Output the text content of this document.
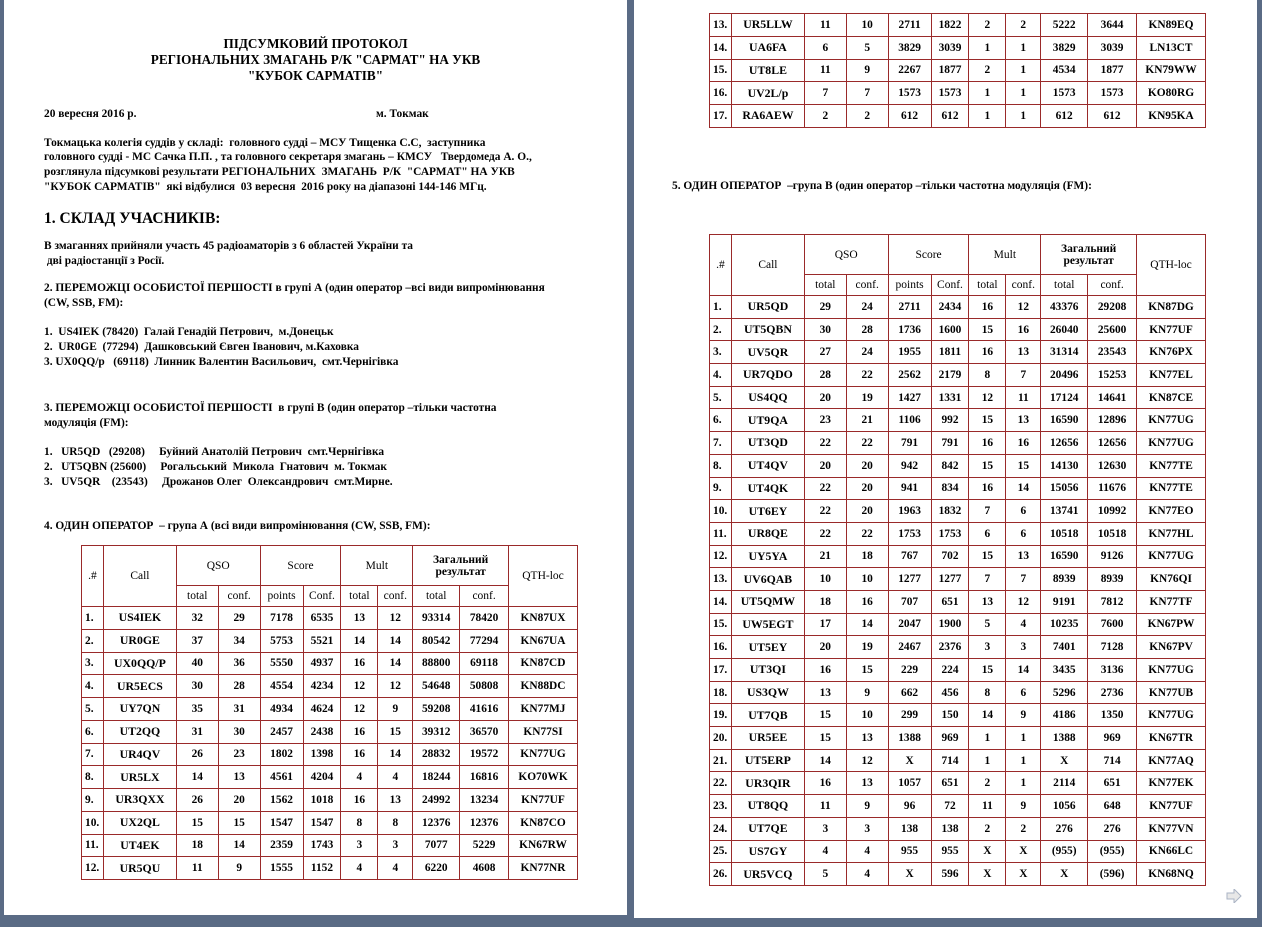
ПІДСУМКОВИЙ ПРОТОКОЛ
РЕГІОНАЛЬНИХ ЗМАГАНЬ Р/К "САРМАТ" НА УКВ
"КУБОК САРМАТІВ"
20 вересня 2016 р.	м. Токмак
Токмацька колегія суддів у складі:  головного судді – МСУ Тищенка С.С,  заступника
головного судді - МС Сачка П.П. , та головного секретаря змагань – КМСУ   Твердомеда А. О.,
розглянула підсумкові результати РЕГІОНАЛЬНИХ  ЗМАГАНЬ  Р/К  "САРМАТ" НА УКВ
"КУБОК САРМАТІВ"  які відбулися  03 вересня  2016 року на діапазоні 144-146 МГц.
1. СКЛАД УЧАСНИКІВ:
В змаганнях прийняли участь 45 радіоаматорів з 6 областей України та
дві радіостанції з Росії.
2. ПЕРЕМОЖЦІ ОСОБИСТОЇ ПЕРШОСТІ в групі А (один оператор –всі види випромінювання
(CW, SSB, FM):
1.  US4IEK (78420)  Галай Генадій Петрович,  м.Донецьк
2.  UR0GE  (77294)  Дашковський Євген Іванович, м.Каховка
3. UX0QQ/p   (69118)  Линник Валентин Васильович,  смт.Чернігівка
3. ПЕРЕМОЖЦІ ОСОБИСТОЇ ПЕРШОСТІ  в групі В (один оператор –тільки частотна
модуляція (FM):
1.   UR5QD   (29208)     Буйний Анатолій Петрович  смт.Чернігівка
2.   UT5QBN (25600)     Рогальський  Микола  Гнатович  м. Токмак
3.   UV5QR    (23543)     Дрожанов Олег  Олександрович  смт.Мирне.
4. ОДИН ОПЕРАТОР  – група А (всі види випромінювання (CW, SSB, FM):
.#	Call	QSO		Score		Mult		Загальний
результат		QTH-loc
		total	conf.	points	Conf.	total	conf.	total	conf.	
1.	US4IEK	32	29	7178	6535	13	12	93314	78420	KN87UX
2.	UR0GE	37	34	5753	5521	14	14	80542	77294	KN67UA
3.	UX0QQ/P	40	36	5550	4937	16	14	88800	69118	KN87CD
4.	UR5ECS	30	28	4554	4234	12	12	54648	50808	KN88DC
5.	UY7QN	35	31	4934	4624	12	9	59208	41616	KN77MJ
6.	UT2QQ	31	30	2457	2438	16	15	39312	36570	KN77SI
7.	UR4QV	26	23	1802	1398	16	14	28832	19572	KN77UG
8.	UR5LX	14	13	4561	4204	4	4	18244	16816	KO70WK
9.	UR3QXX	26	20	1562	1018	16	13	24992	13234	KN77UF
10.	UX2QL	15	15	1547	1547	8	8	12376	12376	KN87CO
11.	UT4EK	18	14	2359	1743	3	3	7077	5229	KN67RW
12.	UR5QU	11	9	1555	1152	4	4	6220	4608	KN77NR
13.	UR5LLW	11	10	2711	1822	2	2	5222	3644	KN89EQ
14.	UA6FA	6	5	3829	3039	1	1	3829	3039	LN13CT
15.	UT8LE	11	9	2267	1877	2	1	4534	1877	KN79WW
16.	UV2L/p	7	7	1573	1573	1	1	1573	1573	KO80RG
17.	RA6AEW	2	2	612	612	1	1	612	612	KN95KA
5. ОДИН ОПЕРАТОР  –група В (один оператор –тільки частотна модуляція (FM):
.#	Call	QSO		Score		Mult		Загальний
результат		QTH-loc
		total	conf.	points	Conf.	total	conf.	total	conf.	
1.	UR5QD	29	24	2711	2434	16	12	43376	29208	KN87DG
2.	UT5QBN	30	28	1736	1600	15	16	26040	25600	KN77UF
3.	UV5QR	27	24	1955	1811	16	13	31314	23543	KN76PX
4.	UR7QDO	28	22	2562	2179	8	7	20496	15253	KN77EL
5.	US4QQ	20	19	1427	1331	12	11	17124	14641	KN87CE
6.	UT9QA	23	21	1106	992	15	13	16590	12896	KN77UG
7.	UT3QD	22	22	791	791	16	16	12656	12656	KN77UG
8.	UT4QV	20	20	942	842	15	15	14130	12630	KN77TE
9.	UT4QK	22	20	941	834	16	14	15056	11676	KN77TE
10.	UT6EY	22	20	1963	1832	7	6	13741	10992	KN77EO
11.	UR8QE	22	22	1753	1753	6	6	10518	10518	KN77HL
12.	UY5YA	21	18	767	702	15	13	16590	9126	KN77UG
13.	UV6QAB	10	10	1277	1277	7	7	8939	8939	KN76QI
14.	UT5QMW	18	16	707	651	13	12	9191	7812	KN77TF
15.	UW5EGT	17	14	2047	1900	5	4	10235	7600	KN67PW
16.	UT5EY	20	19	2467	2376	3	3	7401	7128	KN67PV
17.	UT3QI	16	15	229	224	15	14	3435	3136	KN77UG
18.	US3QW	13	9	662	456	8	6	5296	2736	KN77UB
19.	UT7QB	15	10	299	150	14	9	4186	1350	KN77UG
20.	UR5EE	15	13	1388	969	1	1	1388	969	KN67TR
21.	UT5ERP	14	12	X	714	1	1	X	714	KN77AQ
22.	UR3QIR	16	13	1057	651	2	1	2114	651	KN77EK
23.	UT8QQ	11	9	96	72	11	9	1056	648	KN77UF
24.	UT7QE	3	3	138	138	2	2	276	276	KN77VN
25.	US7GY	4	4	955	955	X	X	(955)	(955)	KN66LC
26.	UR5VCQ	5	4	X	596	X	X	X	(596)	KN68NQ
